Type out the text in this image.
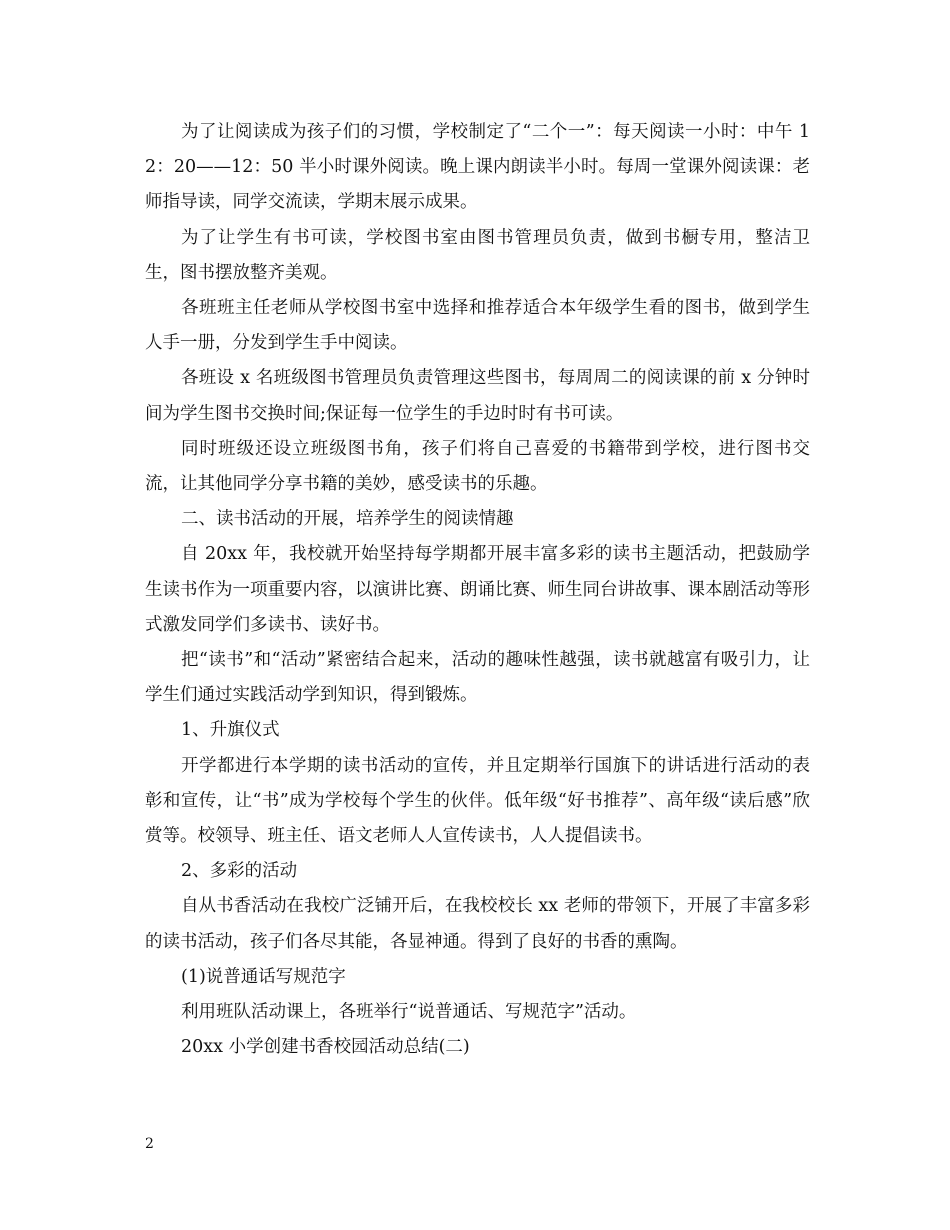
为了让阅读成为孩子们的习惯，学校制定了“二个一”：每天阅读一小时：中午 12：20——12：50 半小时课外阅读。晚上课内朗读半小时。每周一堂课外阅读课：老师指导读，同学交流读，学期末展示成果。

为了让学生有书可读，学校图书室由图书管理员负责，做到书橱专用，整洁卫生，图书摆放整齐美观。

各班班主任老师从学校图书室中选择和推荐适合本年级学生看的图书，做到学生人手一册，分发到学生手中阅读。

各班设 x 名班级图书管理员负责管理这些图书，每周周二的阅读课的前 x 分钟时间为学生图书交换时间;保证每一位学生的手边时时有书可读。

同时班级还设立班级图书角，孩子们将自己喜爱的书籍带到学校，进行图书交流，让其他同学分享书籍的美妙，感受读书的乐趣。

二、读书活动的开展，培养学生的阅读情趣

自 20xx 年，我校就开始坚持每学期都开展丰富多彩的读书主题活动，把鼓励学生读书作为一项重要内容，以演讲比赛、朗诵比赛、师生同台讲故事、课本剧活动等形式激发同学们多读书、读好书。

把“读书”和“活动”紧密结合起来，活动的趣味性越强，读书就越富有吸引力，让学生们通过实践活动学到知识，得到锻炼。

1、升旗仪式

开学都进行本学期的读书活动的宣传，并且定期举行国旗下的讲话进行活动的表彰和宣传，让“书”成为学校每个学生的伙伴。低年级“好书推荐”、高年级“读后感”欣赏等。校领导、班主任、语文老师人人宣传读书，人人提倡读书。

2、多彩的活动

自从书香活动在我校广泛铺开后，在我校校长 xx 老师的带领下，开展了丰富多彩的读书活动，孩子们各尽其能，各显神通。得到了良好的书香的熏陶。

(1)说普通话写规范字

利用班队活动课上，各班举行“说普通话、写规范字”活动。

20xx 小学创建书香校园活动总结(二)

2
